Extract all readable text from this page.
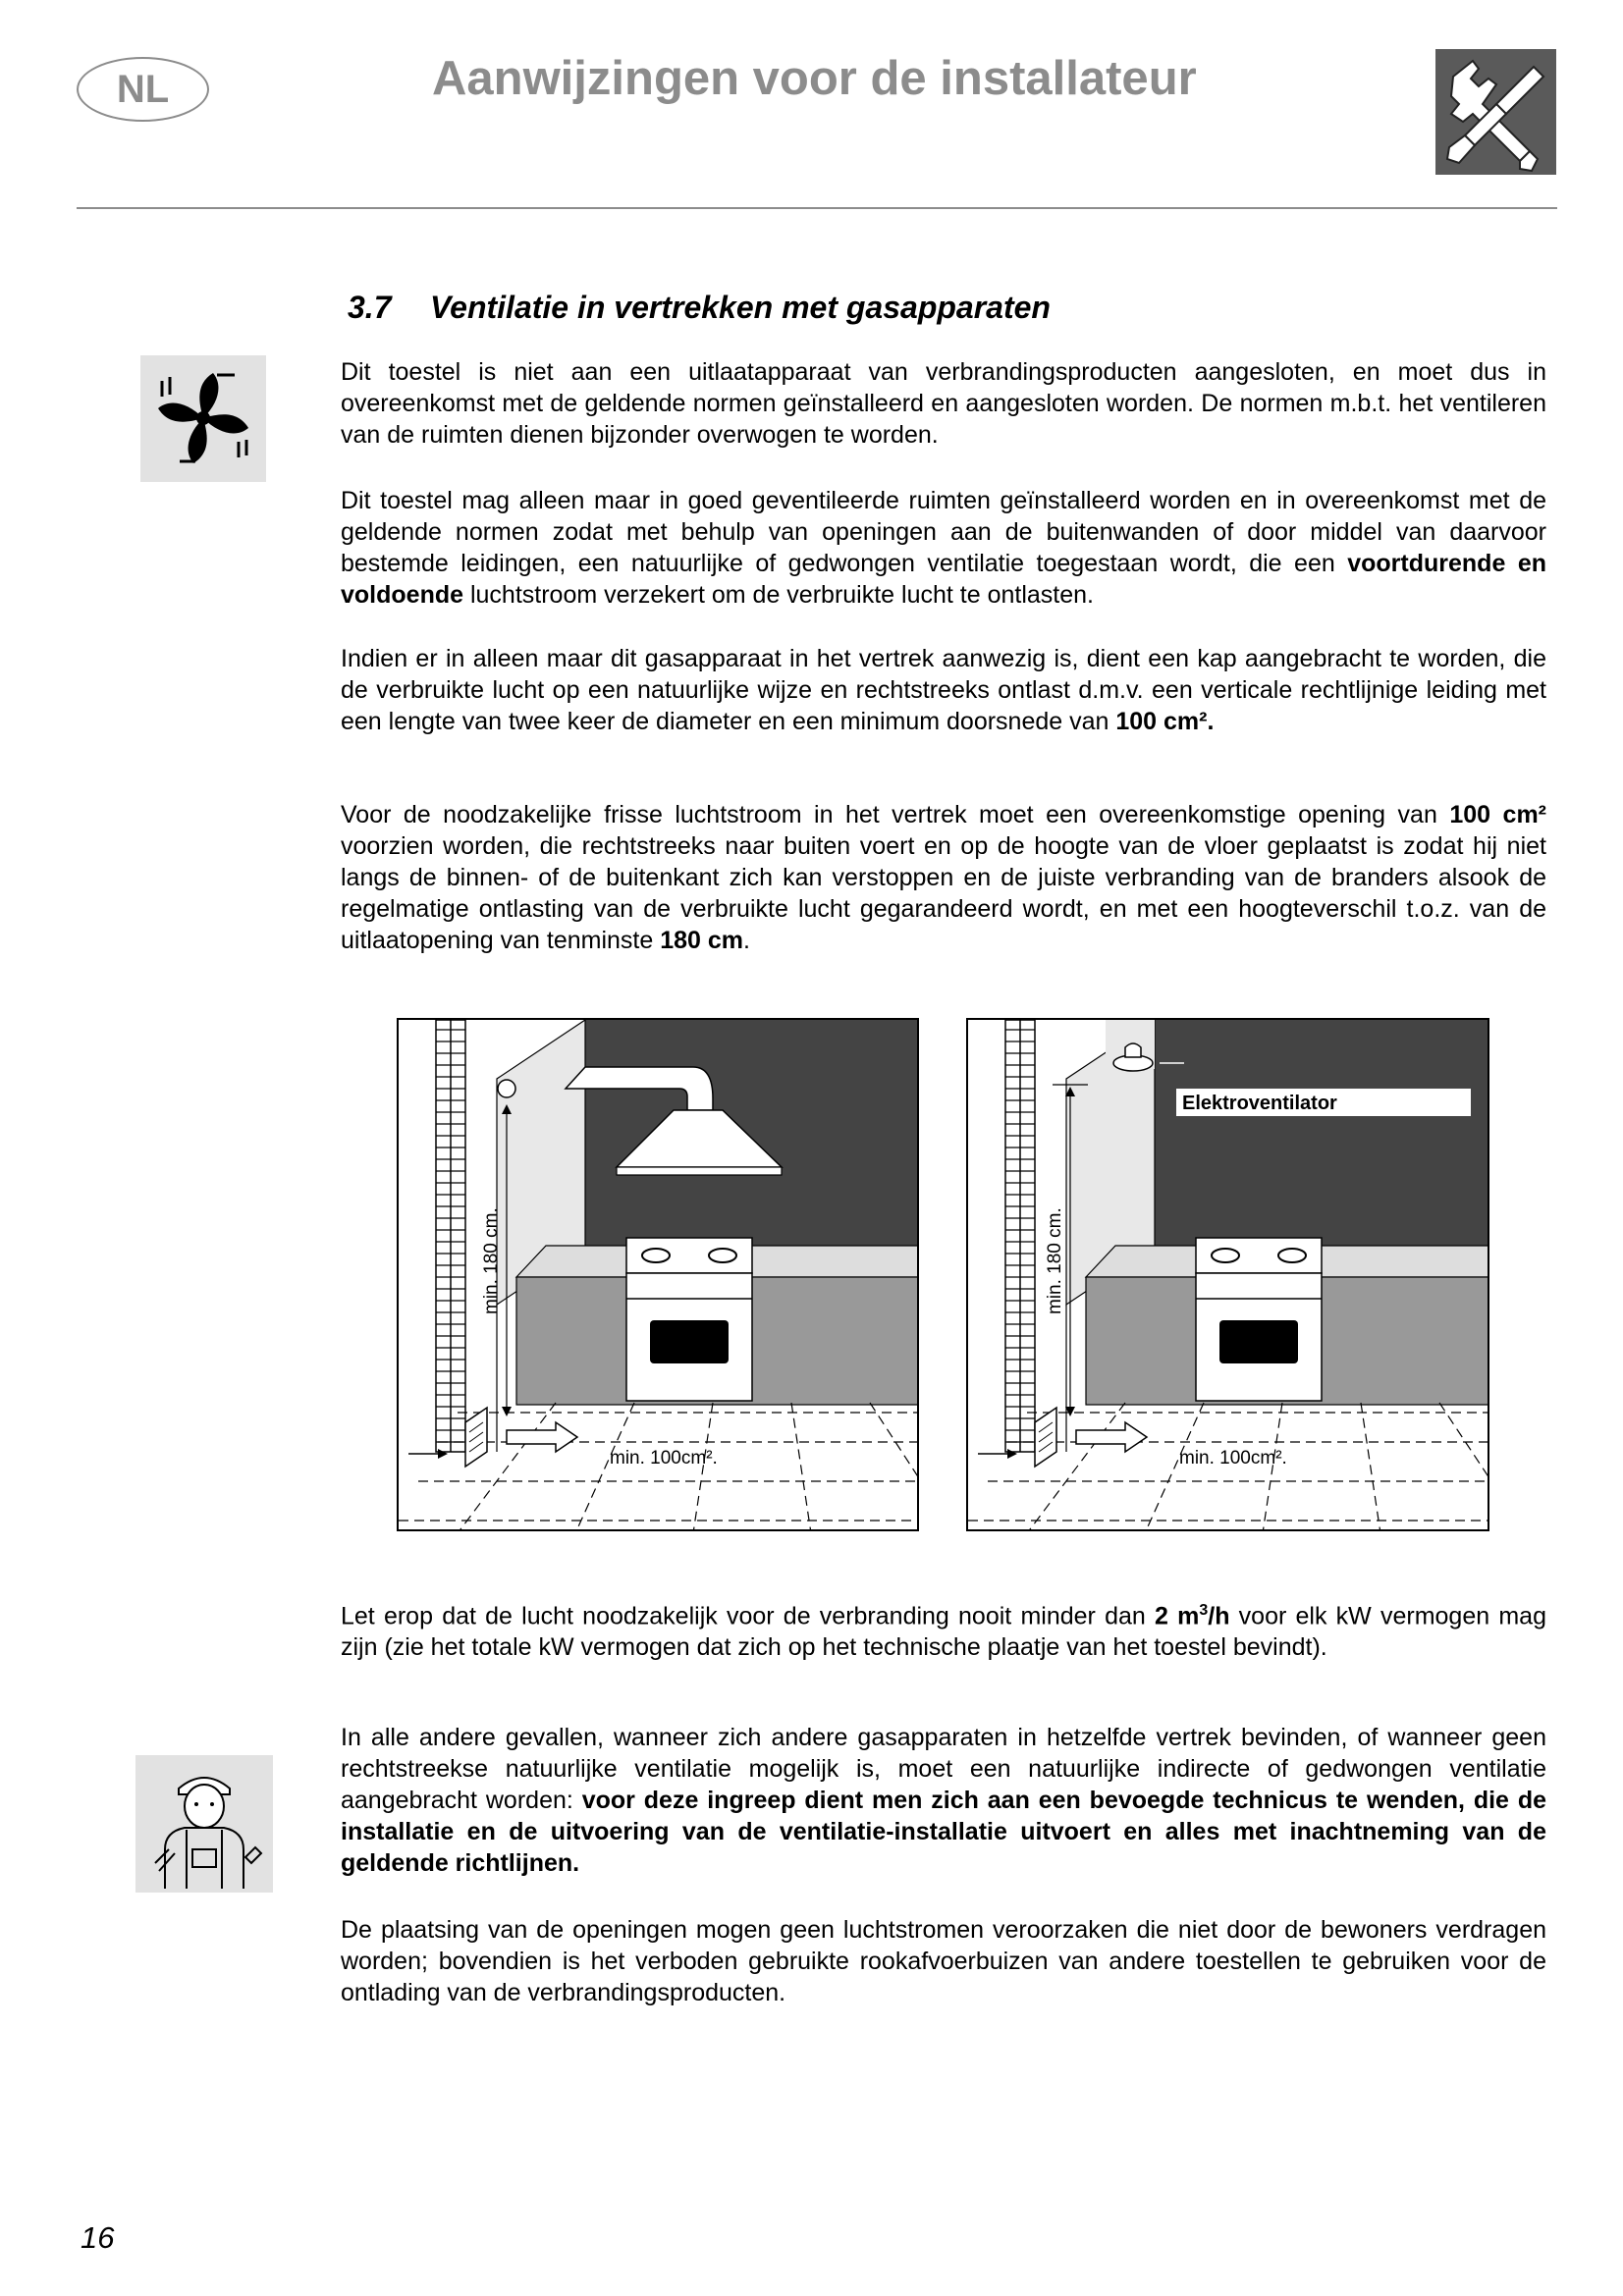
NL	Aanwijzingen voor de installateur
3.7 Ventilatie in vertrekken met gasapparaten
Dit toestel is niet aan een uitlaatapparaat van verbrandingsproducten aangesloten, en moet dus in overeenkomst met de geldende normen geïnstalleerd en aangesloten worden. De normen m.b.t. het ventileren van de ruimten dienen bijzonder overwogen te worden.
Dit toestel mag alleen maar in goed geventileerde ruimten geïnstalleerd worden en in overeenkomst met de geldende normen zodat met behulp van openingen aan de buitenwanden of door middel van daarvoor bestemde leidingen, een natuurlijke of gedwongen ventilatie toegestaan wordt, die een voortdurende en voldoende luchtstroom verzekert om de verbruikte lucht te ontlasten.
Indien er in alleen maar dit gasapparaat in het vertrek aanwezig is, dient een kap aangebracht te worden, die de verbruikte lucht op een natuurlijke wijze en rechtstreeks ontlast d.m.v. een verticale rechtlijnige leiding met een lengte van twee keer de diameter en een minimum doorsnede van 100 cm².
Voor de noodzakelijke frisse luchtstroom in het vertrek moet een overeenkomstige opening van 100 cm² voorzien worden, die rechtstreeks naar buiten voert en op de hoogte van de vloer geplaatst is zodat hij niet langs de binnen- of de buitenkant zich kan verstoppen en de juiste verbranding van de branders alsook de regelmatige ontlasting van de verbruikte lucht gegarandeerd wordt, en met een hoogteverschil t.o.z. van de uitlaatopening van tenminste 180 cm.
min. 180 cm.
min. 100cm².
Elektroventilator
min. 180 cm.
min. 100cm².
Let erop dat de lucht noodzakelijk voor de verbranding nooit minder dan 2 $m^3/h$ voor elk kW vermogen mag zijn (zie het totale kW vermogen dat zich op het technische plaatje van het toestel bevindt).
In alle andere gevallen, wanneer zich andere gasapparaten in hetzelfde vertrek bevinden, of wanneer geen rechtstreekse natuurlijke ventilatie mogelijk is, moet een natuurlijke indirecte of gedwongen ventilatie aangebracht worden: voor deze ingreep dient men zich aan een bevoegde technicus te wenden, die de installatie en de uitvoering van de ventilatie-installatie uitvoert en alles met inachtneming van de geldende richtlijnen.
De plaatsing van de openingen mogen geen luchtstromen veroorzaken die niet door de bewoners verdragen worden; bovendien is het verboden gebruikte rookafvoerbuizen van andere toestellen te gebruiken voor de ontlading van de verbrandingsproducten.
16
